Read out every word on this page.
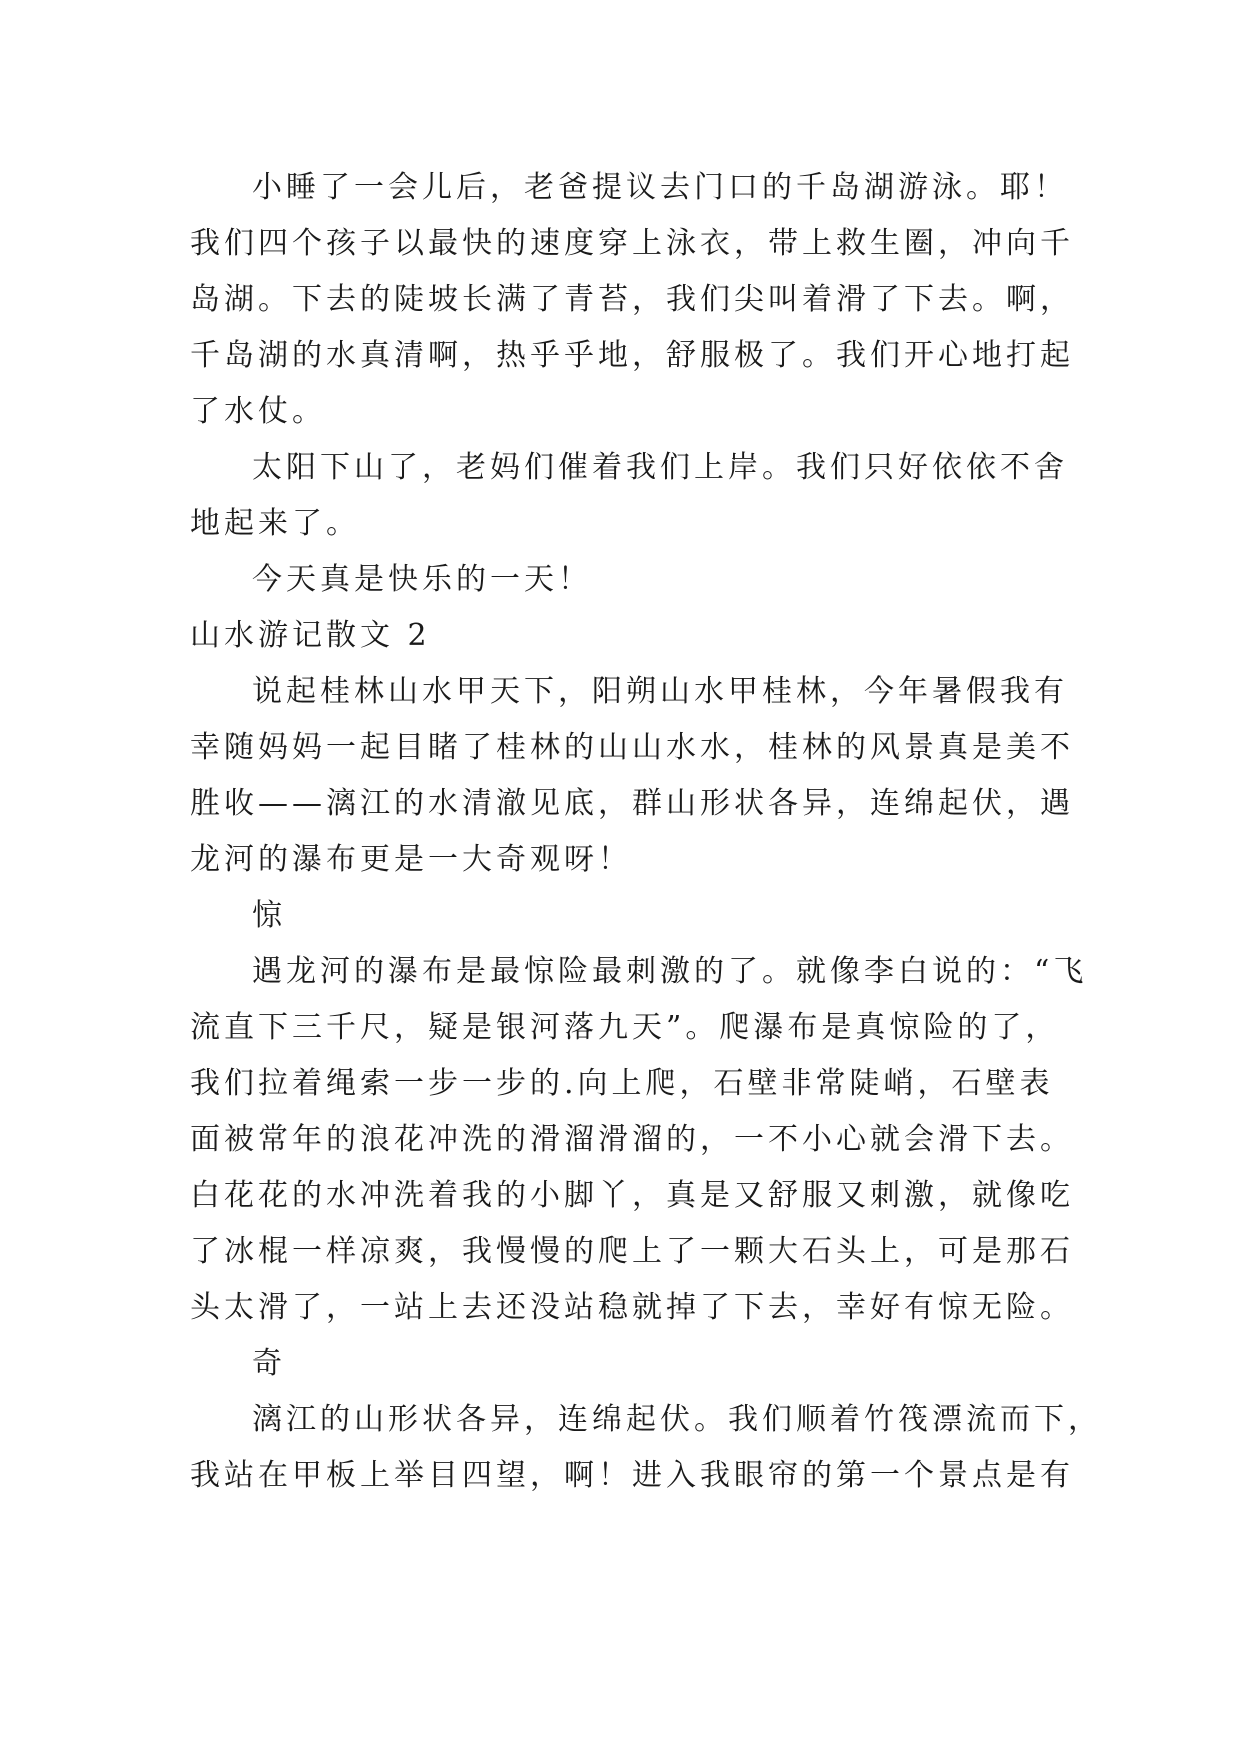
小睡了一会儿后，老爸提议去门口的千岛湖游泳。耶！
我们四个孩子以最快的速度穿上泳衣，带上救生圈，冲向千
岛湖。下去的陡坡长满了青苔，我们尖叫着滑了下去。啊，
千岛湖的水真清啊，热乎乎地，舒服极了。我们开心地打起
了水仗。
太阳下山了，老妈们催着我们上岸。我们只好依依不舍
地起来了。
今天真是快乐的一天！
山水游记散文 2
说起桂林山水甲天下，阳朔山水甲桂林，今年暑假我有
幸随妈妈一起目睹了桂林的山山水水，桂林的风景真是美不
胜收——漓江的水清澈见底，群山形状各异，连绵起伏，遇
龙河的瀑布更是一大奇观呀！
惊
遇龙河的瀑布是最惊险最刺激的了。就像李白说的：“飞
流直下三千尺，疑是银河落九天”。爬瀑布是真惊险的了，
我们拉着绳索一步一步的.向上爬，石壁非常陡峭，石壁表
面被常年的浪花冲洗的滑溜滑溜的，一不小心就会滑下去。
白花花的水冲洗着我的小脚丫，真是又舒服又刺激，就像吃
了冰棍一样凉爽，我慢慢的爬上了一颗大石头上，可是那石
头太滑了，一站上去还没站稳就掉了下去，幸好有惊无险。
奇
漓江的山形状各异，连绵起伏。我们顺着竹筏漂流而下，
我站在甲板上举目四望，啊！进入我眼帘的第一个景点是有
